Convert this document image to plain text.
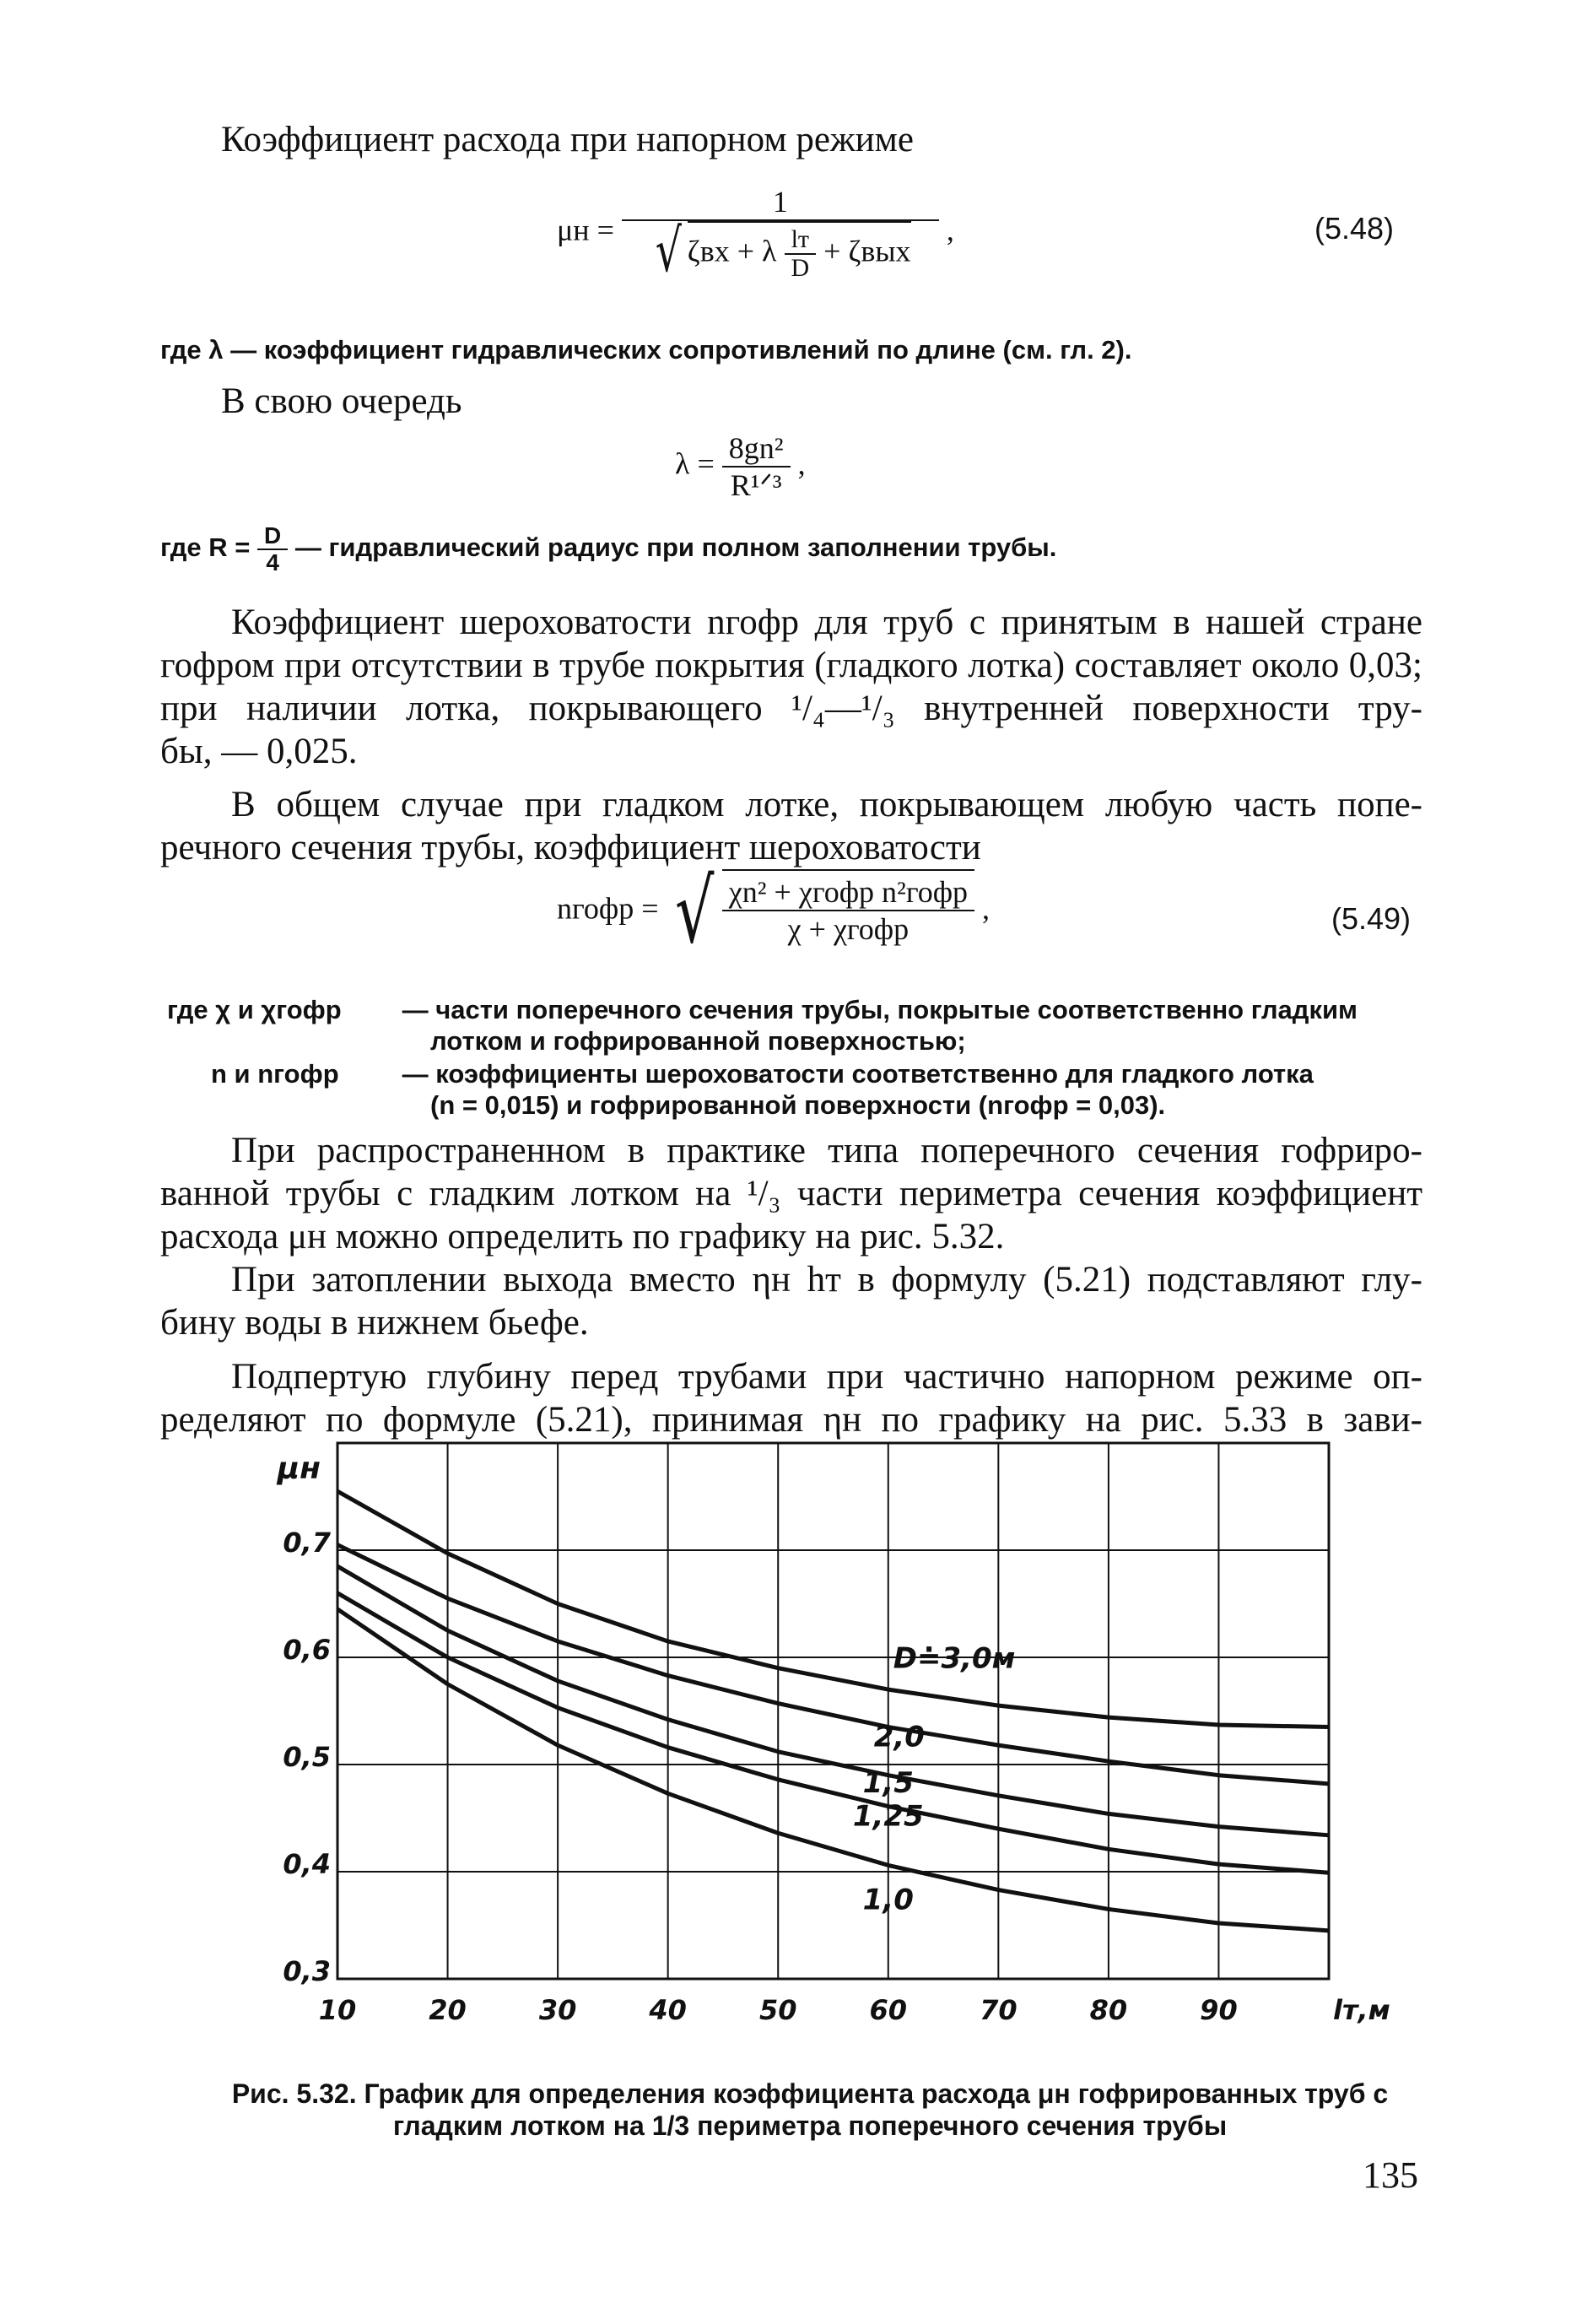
Коэффициент расхода при напорном режиме

μн =
1
√ ζвх + λ $\frac{lт}{D} + \zeta вых$
,	(5.48)

где λ — коэффициент гидравлических сопротивлений по длине (см. гл. 2).

В свою очередь

$\lambda = \frac{\text{8gn²}}{\text{R¹ᐟ³}}$ ,
где $R = \frac{D}{4}$ — гидравлический радиус при полном заполнении трубы.

Коэффициент шероховатости nгофр для труб с принятым в нашей стране гофром при отсутствии в трубе покрытия (гладкого лотка) составляет около 0,03; при наличии лотка, покрывающего ¹/₄—¹/₃ внутренней поверхности тру-

бы, — 0,025.

В общем случае при гладком лотке, покрывающем любую часть попе-

речного сечения трубы, коэффициент шероховатости

nгофр = √ $\frac{\text{χn² + χгофр n²гофр}}{\text{χ + χгофр}}$ ,	(5.49)
где χ и χгофр — части поперечного сечения трубы, покрытые соответственно гладким
лотком и гофрированной поверхностью;
n и nгофр — коэффициенты шероховатости соответственно для гладкого лотка
(n = 0,015) и гофрированной поверхности (nгофр = 0,03).

При распространенном в практике типа поперечного сечения гофриро- ванной трубы с гладким лотком на ¹/₃ части периметра сечения коэффициент

расхода μн можно определить по графику на рис. 5.32.

При затоплении выхода вместо ηн hт в формулу (5.21) подставляют глу-

бину воды в нижнем бьефе.

Подпертую глубину перед трубами при частично напорном режиме оп- ределяют по формуле (5.21), принимая ηн по графику на рис. 5.33 в зави-

10	20	30	40	50	60	70	80	90
0,3
0,4
0,5
0,6
0,7
μн
lт,м
D≐3,0м
2,0
1,5
1,25
1,0
Рис. 5.32. График для определения коэффициента расхода μн гофрированных труб с
гладким лотком на 1/3 периметра поперечного сечения трубы
135
